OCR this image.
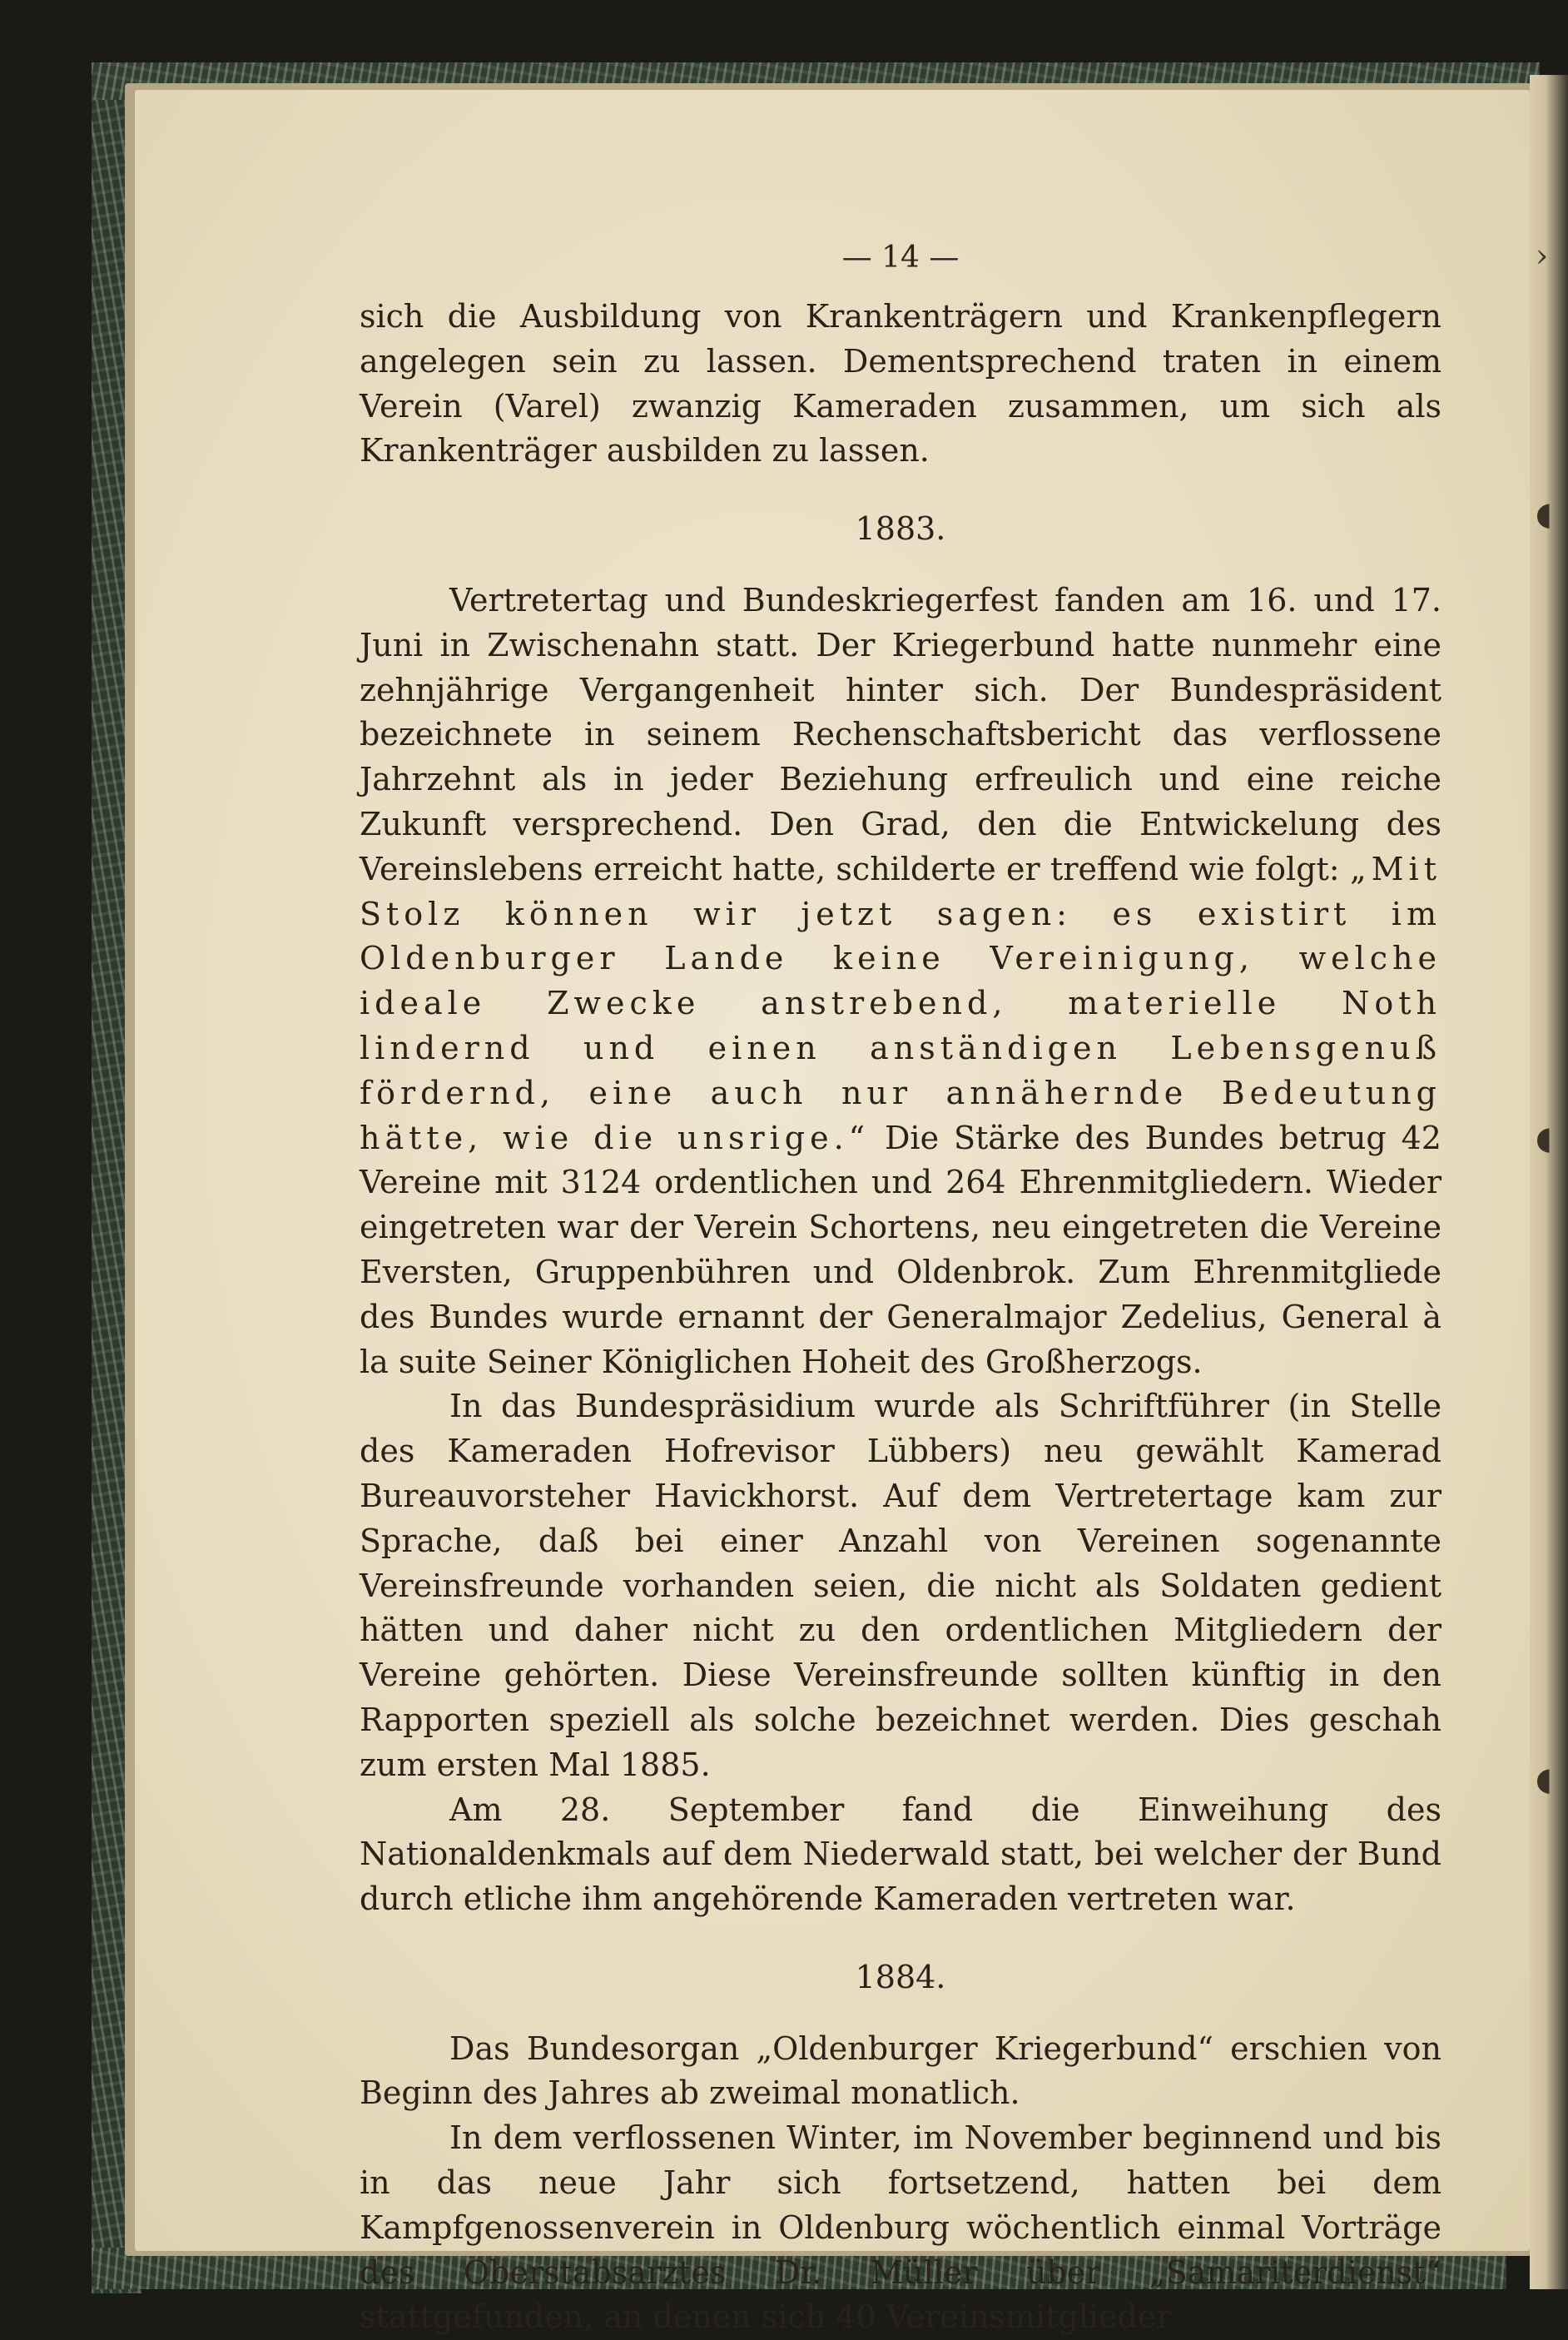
›
◖
◖
◖
— 14 —

sich die Ausbildung von Krankenträgern und Krankenpflegern angelegen sein zu lassen. Dementsprechend traten in einem Verein (Varel) zwanzig Kameraden zusammen, um sich als Krankenträger ausbilden zu lassen.

1883.

Vertretertag und Bundeskriegerfest fanden am 16. und 17. Juni in Zwischenahn statt. Der Kriegerbund hatte nunmehr eine zehnjährige Vergangenheit hinter sich. Der Bundespräsident bezeichnete in seinem Rechenschaftsbericht das verflossene Jahrzehnt als in jeder Beziehung erfreulich und eine reiche Zukunft versprechend. Den Grad, den die Entwickelung des Vereinslebens erreicht hatte, schilderte er treffend wie folgt: „Mit Stolz können wir jetzt sagen: es existirt im Oldenburger Lande keine Vereinigung, welche ideale Zwecke anstrebend, materielle Noth lindernd und einen anständigen Lebensgenuß fördernd, eine auch nur annähernde Bedeutung hätte, wie die unsrige.“ Die Stärke des Bundes betrug 42 Vereine mit 3124 ordentlichen und 264 Ehrenmitgliedern. Wieder eingetreten war der Verein Schortens, neu eingetreten die Vereine Eversten, Gruppenbühren und Oldenbrok. Zum Ehrenmitgliede des Bundes wurde ernannt der Generalmajor Zedelius, General à la suite Seiner Königlichen Hoheit des Großherzogs.

In das Bundespräsidium wurde als Schriftführer (in Stelle des Kameraden Hofrevisor Lübbers) neu gewählt Kamerad Bureauvorsteher Havickhorst. Auf dem Vertretertage kam zur Sprache, daß bei einer Anzahl von Vereinen sogenannte Vereinsfreunde vorhanden seien, die nicht als Soldaten gedient hätten und daher nicht zu den ordentlichen Mitgliedern der Vereine gehörten. Diese Vereinsfreunde sollten künftig in den Rapporten speziell als solche bezeichnet werden. Dies geschah zum ersten Mal 1885.

Am 28. September fand die Einweihung des Nationaldenkmals auf dem Niederwald statt, bei welcher der Bund durch etliche ihm angehörende Kameraden vertreten war.

1884.

Das Bundesorgan „Oldenburger Kriegerbund“ erschien von Beginn des Jahres ab zweimal monatlich.

In dem verflossenen Winter, im November beginnend und bis in das neue Jahr sich fortsetzend, hatten bei dem Kampfgenossenverein in Oldenburg wöchentlich einmal Vorträge des Oberstabsarztes Dr. Müller über „Samariterdienst“ stattgefunden, an denen sich 40 Vereinsmitglieder
